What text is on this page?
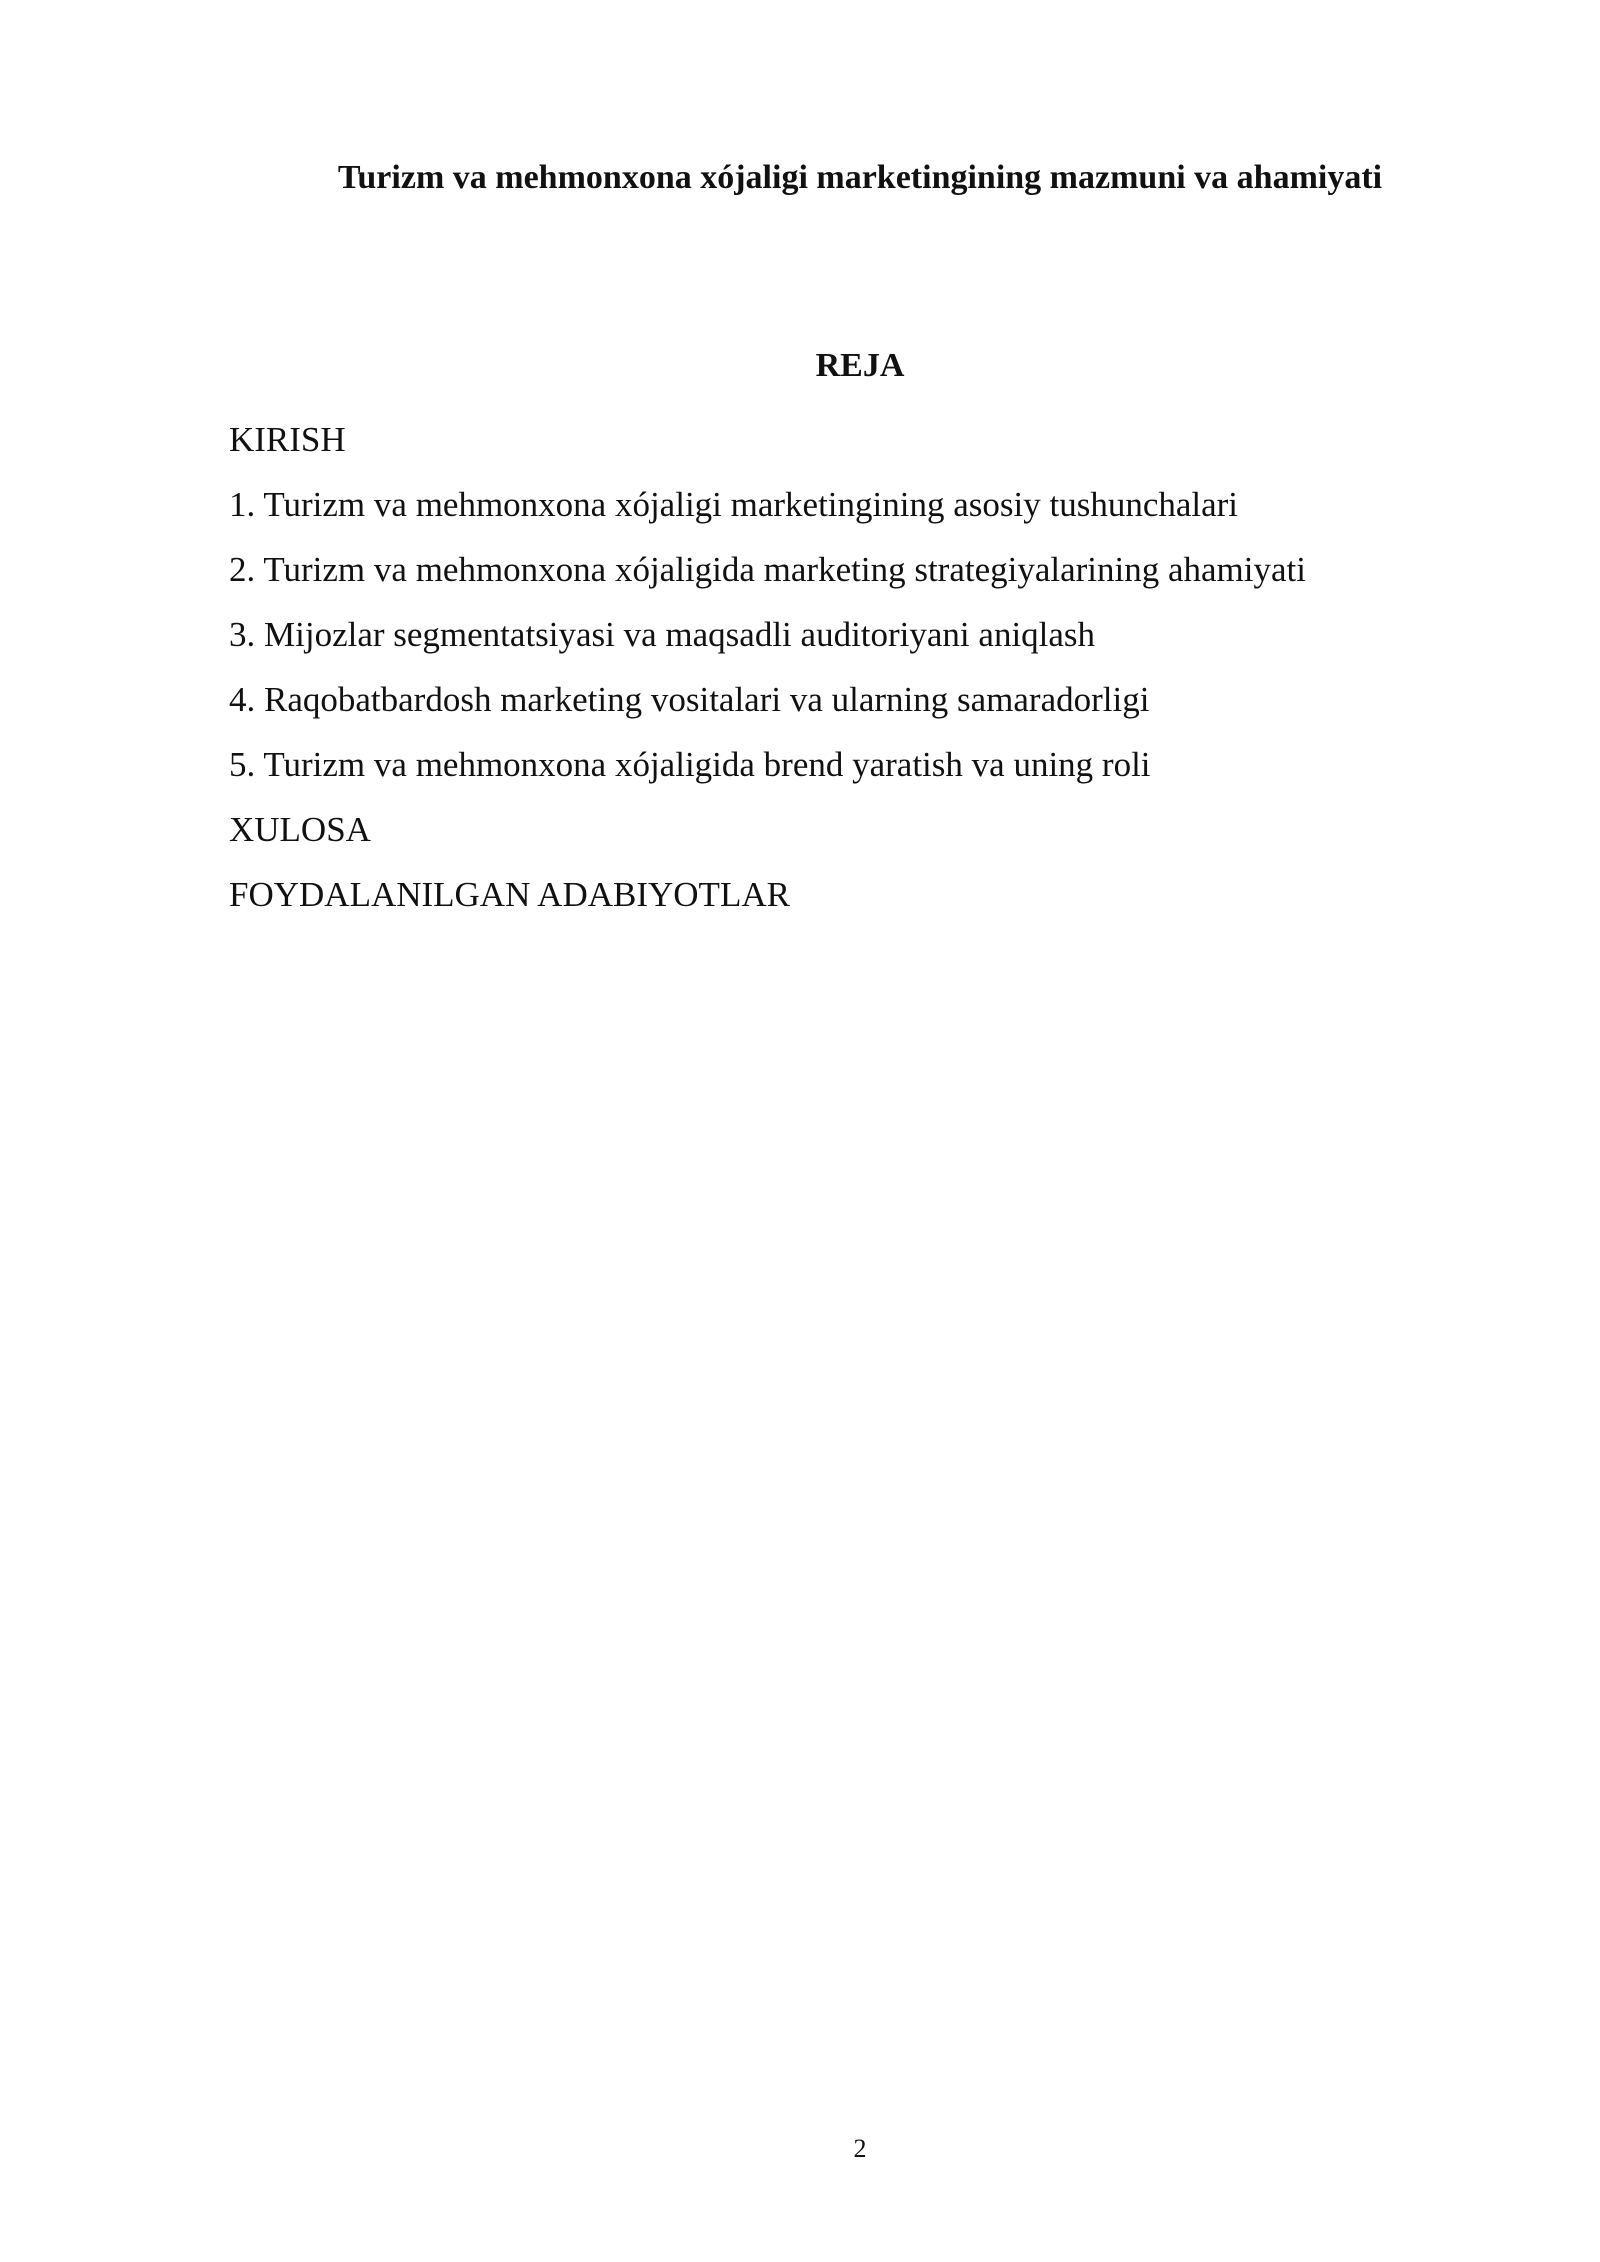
Turizm va mehmonxona xójaligi marketingining mazmuni va ahamiyati
REJA
KIRISH
1. Turizm va mehmonxona xójaligi marketingining asosiy tushunchalari
2. Turizm va mehmonxona xójaligida marketing strategiyalarining ahamiyati
3. Mijozlar segmentatsiyasi va maqsadli auditoriyani aniqlash
4. Raqobatbardosh marketing vositalari va ularning samaradorligi
5. Turizm va mehmonxona xójaligida brend yaratish va uning roli
XULOSA
FOYDALANILGAN ADABIYOTLAR
2
